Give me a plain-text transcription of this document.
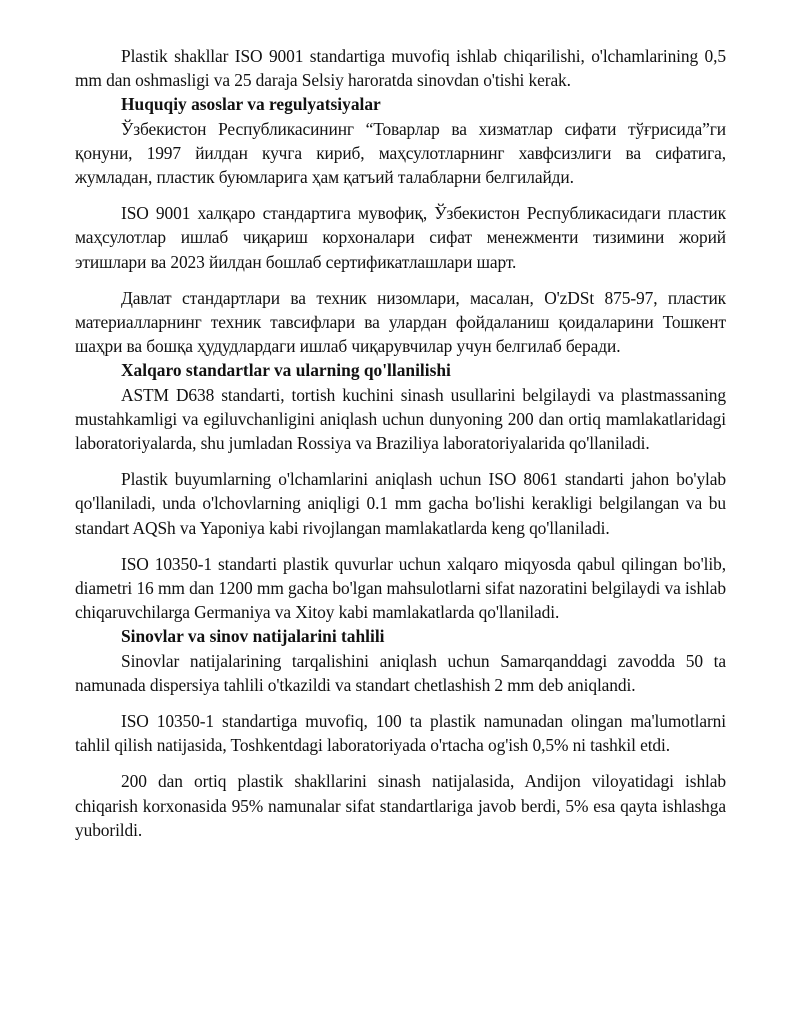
Plastik shakllar ISO 9001 standartiga muvofiq ishlab chiqarilishi, o'lchamlarining 0,5 mm dan oshmasligi va 25 daraja Selsiy haroratda sinovdan o'tishi kerak.

Huquqiy asoslar va regulyatsiyalar

Ўзбекистон Республикасининг “Товарлар ва хизматлар сифати тўғрисида”ги қонуни, 1997 йилдан кучга кириб, маҳсулотларнинг хавфсизлиги ва сифатига, жумладан, пластик буюмларига ҳам қатъий талабларни белгилайди.

ISO 9001 халқаро стандартига мувофиқ, Ўзбекистон Республикасидаги пластик маҳсулотлар ишлаб чиқариш корхоналари сифат менежменти тизимини жорий этишлари ва 2023 йилдан бошлаб сертификатлашлари шарт.

Давлат стандартлари ва техник низомлари, масалан, O'zDSt 875-97, пластик материалларнинг техник тавсифлари ва улардан фойдаланиш қоидаларини Тошкент шаҳри ва бошқа ҳудудлардаги ишлаб чиқарувчилар учун белгилаб беради.

Xalqaro standartlar va ularning qo'llanilishi

ASTM D638 standarti, tortish kuchini sinash usullarini belgilaydi va plastmassaning mustahkamligi va egiluvchanligini aniqlash uchun dunyoning 200 dan ortiq mamlakatlaridagi laboratoriyalarda, shu jumladan Rossiya va Braziliya laboratoriyalarida qo'llaniladi.

Plastik buyumlarning o'lchamlarini aniqlash uchun ISO 8061 standarti jahon bo'ylab qo'llaniladi, unda o'lchovlarning aniqligi 0.1 mm gacha bo'lishi kerakligi belgilangan va bu standart AQSh va Yaponiya kabi rivojlangan mamlakatlarda keng qo'llaniladi.

ISO 10350-1 standarti plastik quvurlar uchun xalqaro miqyosda qabul qilingan bo'lib, diametri 16 mm dan 1200 mm gacha bo'lgan mahsulotlarni sifat nazoratini belgilaydi va ishlab chiqaruvchilarga Germaniya va Xitoy kabi mamlakatlarda qo'llaniladi.

Sinovlar va sinov natijalarini tahlili

Sinovlar natijalarining tarqalishini aniqlash uchun Samarqanddagi zavodda 50 ta namunada dispersiya tahlili o'tkazildi va standart chetlashish 2 mm deb aniqlandi.

ISO 10350-1 standartiga muvofiq, 100 ta plastik namunadan olingan ma'lumotlarni tahlil qilish natijasida, Toshkentdagi laboratoriyada o'rtacha og'ish 0,5% ni tashkil etdi.

200 dan ortiq plastik shakllarini sinash natijalasida, Andijon viloyatidagi ishlab chiqarish korxonasida 95% namunalar sifat standartlariga javob berdi, 5% esa qayta ishlashga yuborildi.
